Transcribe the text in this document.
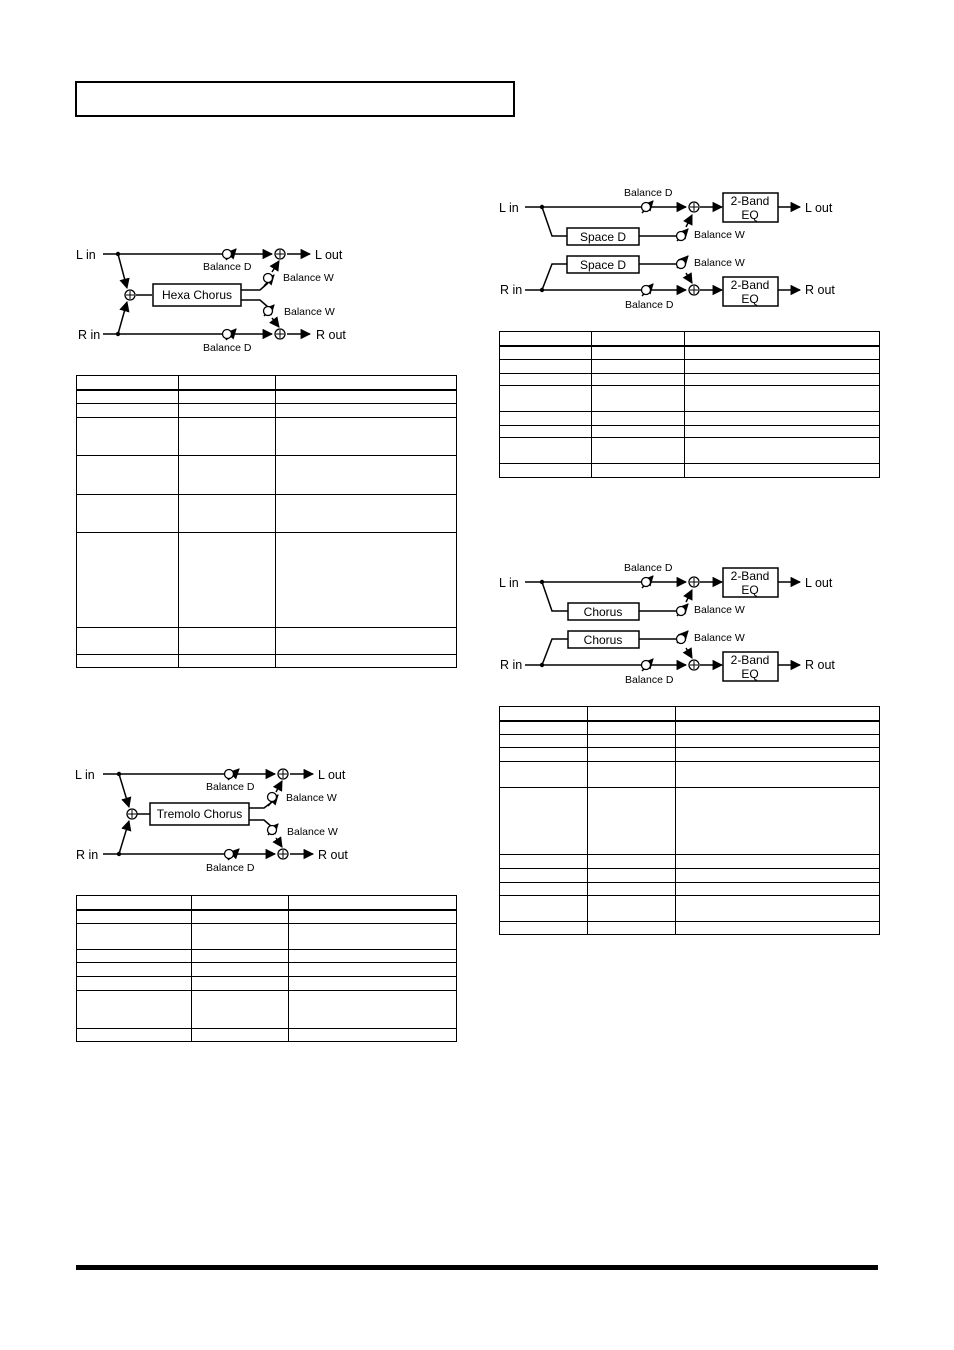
L in
R in
L out
R out
Hexa Chorus
Balance D
Balance W
Balance W
Balance D

L in
R in
L out
R out
Tremolo Chorus
Balance D
Balance W
Balance W
Balance D

L in
R in
L out
R out
Space D
Space D
2-Band
EQ
2-Band
EQ
Balance D
Balance W
Balance W
Balance D

L in
R in
L out
R out
Chorus
Chorus
2-Band
EQ
2-Band
EQ
Balance D
Balance W
Balance W
Balance D
